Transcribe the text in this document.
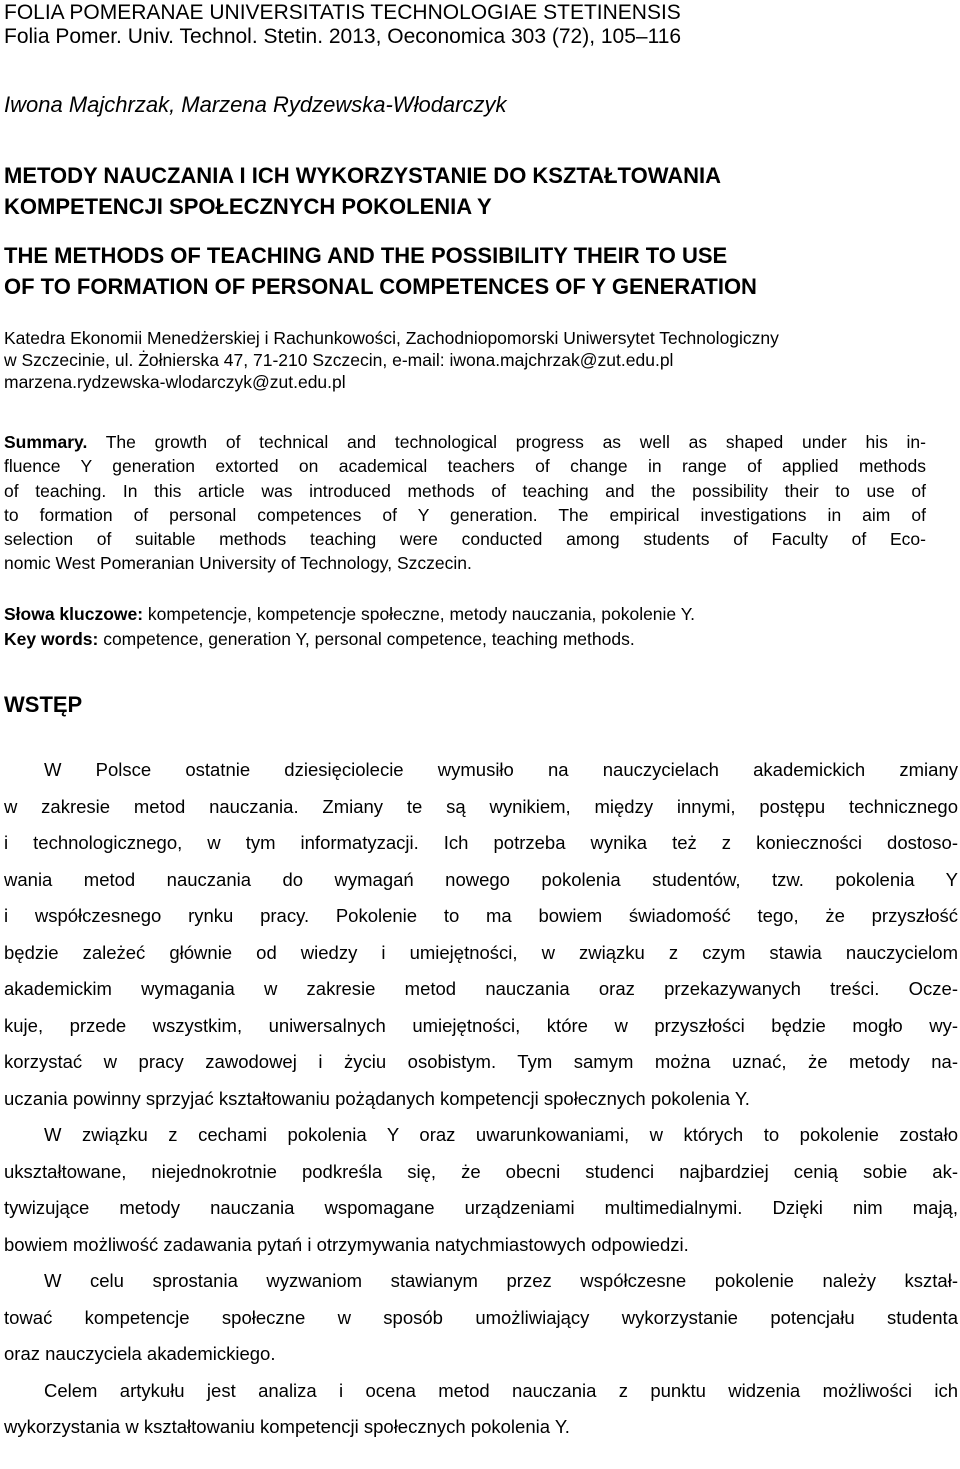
FOLIA POMERANAE UNIVERSITATIS TECHNOLOGIAE STETINENSIS
Folia Pomer. Univ. Technol. Stetin. 2013, Oeconomica 303 (72), 105–116
Iwona Majchrzak, Marzena Rydzewska-Włodarczyk
METODY NAUCZANIA I ICH WYKORZYSTANIE DO KSZTAŁTOWANIA
KOMPETENCJI SPOŁECZNYCH POKOLENIA Y
THE METHODS OF TEACHING AND THE POSSIBILITY THEIR TO USE
OF TO FORMATION OF PERSONAL COMPETENCES OF Y GENERATION
Katedra Ekonomii Menedżerskiej i Rachunkowości, Zachodniopomorski Uniwersytet Technologiczny
w Szczecinie, ul. Żołnierska 47, 71-210 Szczecin, e-mail: iwona.majchrzak@zut.edu.pl
marzena.rydzewska-wlodarczyk@zut.edu.pl
Summary. The growth of technical and technological progress as well as shaped under his in-
fluence Y generation extorted on academical teachers of change in range of applied methods
of teaching. In this article was introduced methods of teaching and the possibility their to use of
to formation of personal competences of Y generation. The empirical investigations in aim of
selection of suitable methods teaching were conducted among students of Faculty of Eco-
nomic West Pomeranian University of Technology, Szczecin.
Słowa kluczowe: kompetencje, kompetencje społeczne, metody nauczania, pokolenie Y.
Key words: competence, generation Y, personal competence, teaching methods.
WSTĘP
W Polsce ostatnie dziesięciolecie wymusiło na nauczycielach akademickich zmiany
w zakresie metod nauczania. Zmiany te są wynikiem, między innymi, postępu technicznego
i technologicznego, w tym informatyzacji. Ich potrzeba wynika też z konieczności dostoso-
wania metod nauczania do wymagań nowego pokolenia studentów, tzw. pokolenia Y
i współczesnego rynku pracy. Pokolenie to ma bowiem świadomość tego, że przyszłość
będzie zależeć głównie od wiedzy i umiejętności, w związku z czym stawia nauczycielom
akademickim wymagania w zakresie metod nauczania oraz przekazywanych treści. Ocze-
kuje, przede wszystkim, uniwersalnych umiejętności, które w przyszłości będzie mogło wy-
korzystać w pracy zawodowej i życiu osobistym. Tym samym można uznać, że metody na-
uczania powinny sprzyjać kształtowaniu pożądanych kompetencji społecznych pokolenia Y.
W związku z cechami pokolenia Y oraz uwarunkowaniami, w których to pokolenie zostało
ukształtowane, niejednokrotnie podkreśla się, że obecni studenci najbardziej cenią sobie ak-
tywizujące metody nauczania wspomagane urządzeniami multimedialnymi. Dzięki nim mają,
bowiem możliwość zadawania pytań i otrzymywania natychmiastowych odpowiedzi.
W celu sprostania wyzwaniom stawianym przez współczesne pokolenie należy kształ-
tować kompetencje społeczne w sposób umożliwiający wykorzystanie potencjału studenta
oraz nauczyciela akademickiego.
Celem artykułu jest analiza i ocena metod nauczania z punktu widzenia możliwości ich
wykorzystania w kształtowaniu kompetencji społecznych pokolenia Y.
